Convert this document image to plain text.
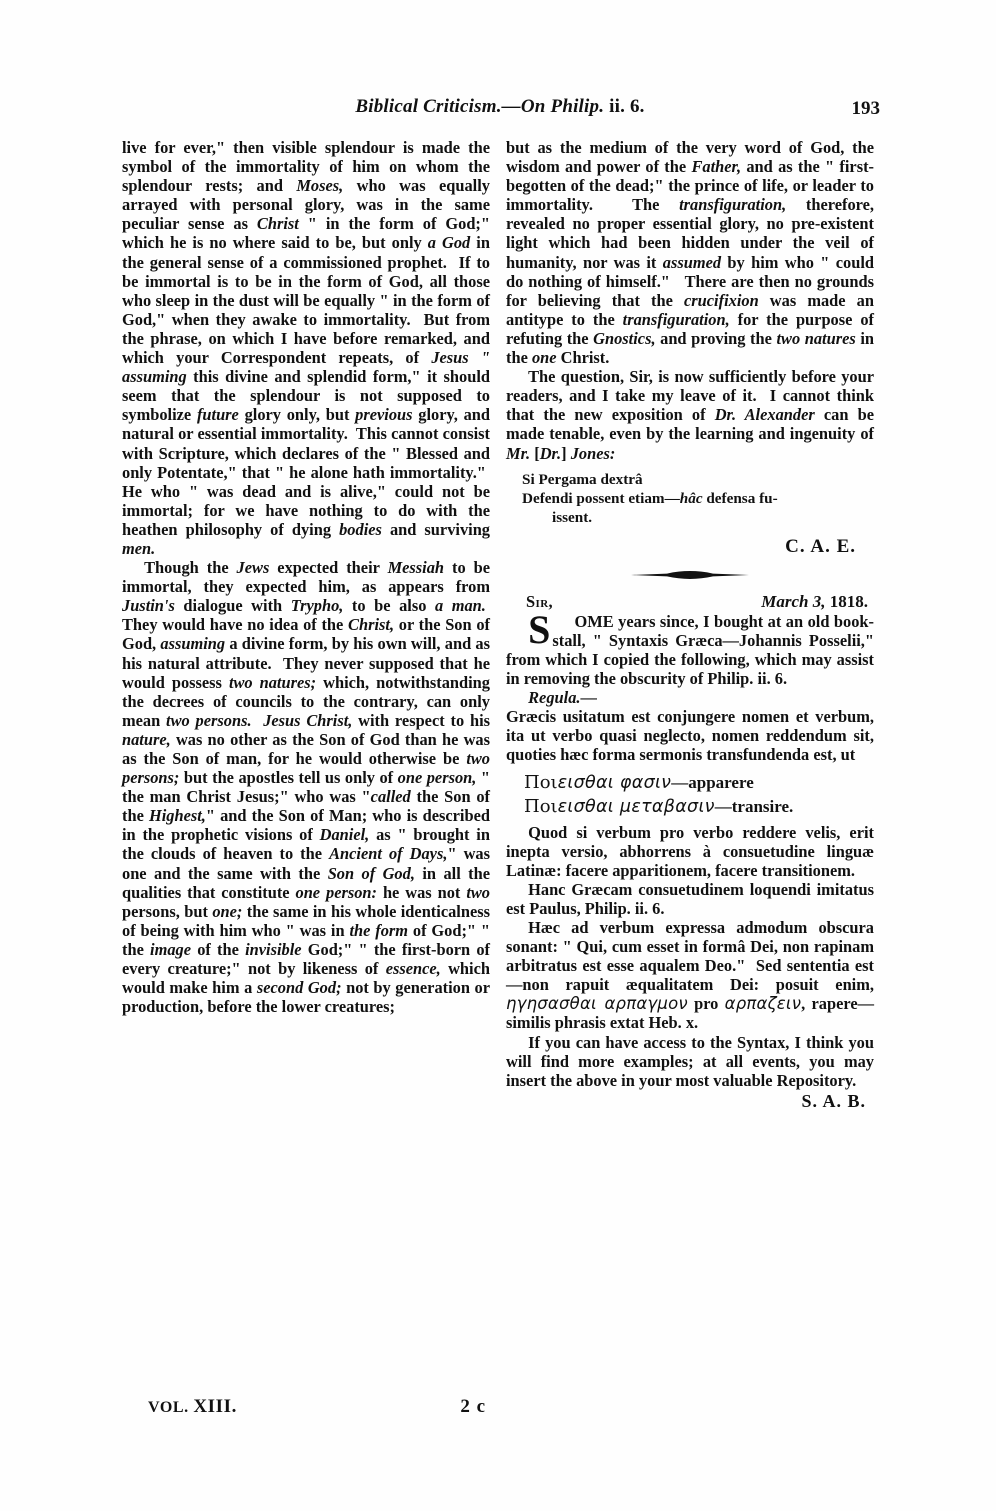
Biblical Criticism.—On Philip. ii. 6.	193

live for ever," then visible splendour is made the symbol of the immortality of him on whom the splendour rests; and Moses, who was equally arrayed with personal glory, was in the same peculiar sense as Christ " in the form of God;" which he is no where said to be, but only a God in the general sense of a commissioned prophet.  If to be immortal is to be in the form of God, all those who sleep in the dust will be equally " in the form of God," when they awake to immortality.  But from the phrase, on which I have before remarked, and which your Correspondent repeats, of Jesus " assuming this divine and splendid form," it should seem that the splendour is not supposed to symbolize future glory only, but previous glory, and natural or essential immortality.  This cannot consist with Scripture, which declares of the " Blessed and only Potentate," that " he alone hath immortality."  He who " was dead and is alive," could not be immortal; for we have nothing to do with the heathen philosophy of dying bodies and surviving men.

Though the Jews expected their Messiah to be immortal, they expected him, as appears from Justin's dialogue with Trypho, to be also a man.  They would have no idea of the Christ, or the Son of God, assuming a divine form, by his own will, and as his natural attribute.  They never supposed that he would possess two natures; which, notwithstanding the decrees of councils to the contrary, can only mean two persons. Jesus Christ, with respect to his nature, was no other as the Son of God than he was as the Son of man, for he would otherwise be two persons; but the apostles tell us only of one person, " the man Christ Jesus;" who was "called the Son of the Highest," and the Son of Man; who is described in the prophetic visions of Daniel, as " brought in the clouds of heaven to the Ancient of Days," was one and the same with the Son of God, in all the qualities that constitute one person: he was not two persons, but one; the same in his whole identicalness of being with him who " was in the form of God;" " the image of the invisible God;" " the first-born of every creature;" not by likeness of essence, which would make him a second God; not by generation or production, before the lower creatures;

but as the medium of the very word of God, the wisdom and power of the Father, and as the " first-begotten of the dead;" the prince of life, or leader to immortality.  The transfiguration, therefore, revealed no proper essential glory, no pre-existent light which had been hidden under the veil of humanity, nor was it assumed by him who " could do nothing of himself."   There are then no grounds for believing that the crucifixion was made an antitype to the transfiguration, for the purpose of refuting the Gnostics, and proving the two natures in the one Christ.

The question, Sir, is now sufficiently before your readers, and I take my leave of it.  I cannot think that the new exposition of Dr. Alexander can be made tenable, even by the learning and ingenuity of Mr. [Dr.] Jones:

Si Pergama dextrâ
Defendi possent etiam—hâc defensa fu-
issent.
C. A. E.
Sir,	March 3, 1818.

S OME years since, I bought at an old book-stall, " Syntaxis Græca—Johannis Posselii," from which I copied the following, which may assist in removing the obscurity of Philip. ii. 6.

Regula.—

Græcis usitatum est conjungere nomen et verbum, ita ut verbo quasi neglecto, nomen reddendum sit, quoties hæc forma sermonis transfundenda est, ut

Ποιεισθαι φασιν—apparere
Ποιεισθαι μεταβασιν—transire.

Quod si verbum pro verbo reddere velis, erit inepta versio, abhorrens à consuetudine linguæ Latinæ: facere apparitionem, facere transitionem.

Hanc Græcam consuetudinem loquendi imitatus est Paulus, Philip. ii. 6.

Hæc ad verbum expressa admodum obscura sonant: " Qui, cum esset in formâ Dei, non rapinam arbitratus est esse aqualem Deo."  Sed sententia est —non rapuit æqualitatem Dei: posuit enim, ηγησασθαι αρπαγμον pro αρπαζειν, rapere—similis phrasis extat Heb. x.

If you can have access to the Syntax, I think you will find more examples; at all events, you may insert the above in your most valuable Repository.

S. A. B.
VOL. XIII.	2 c
